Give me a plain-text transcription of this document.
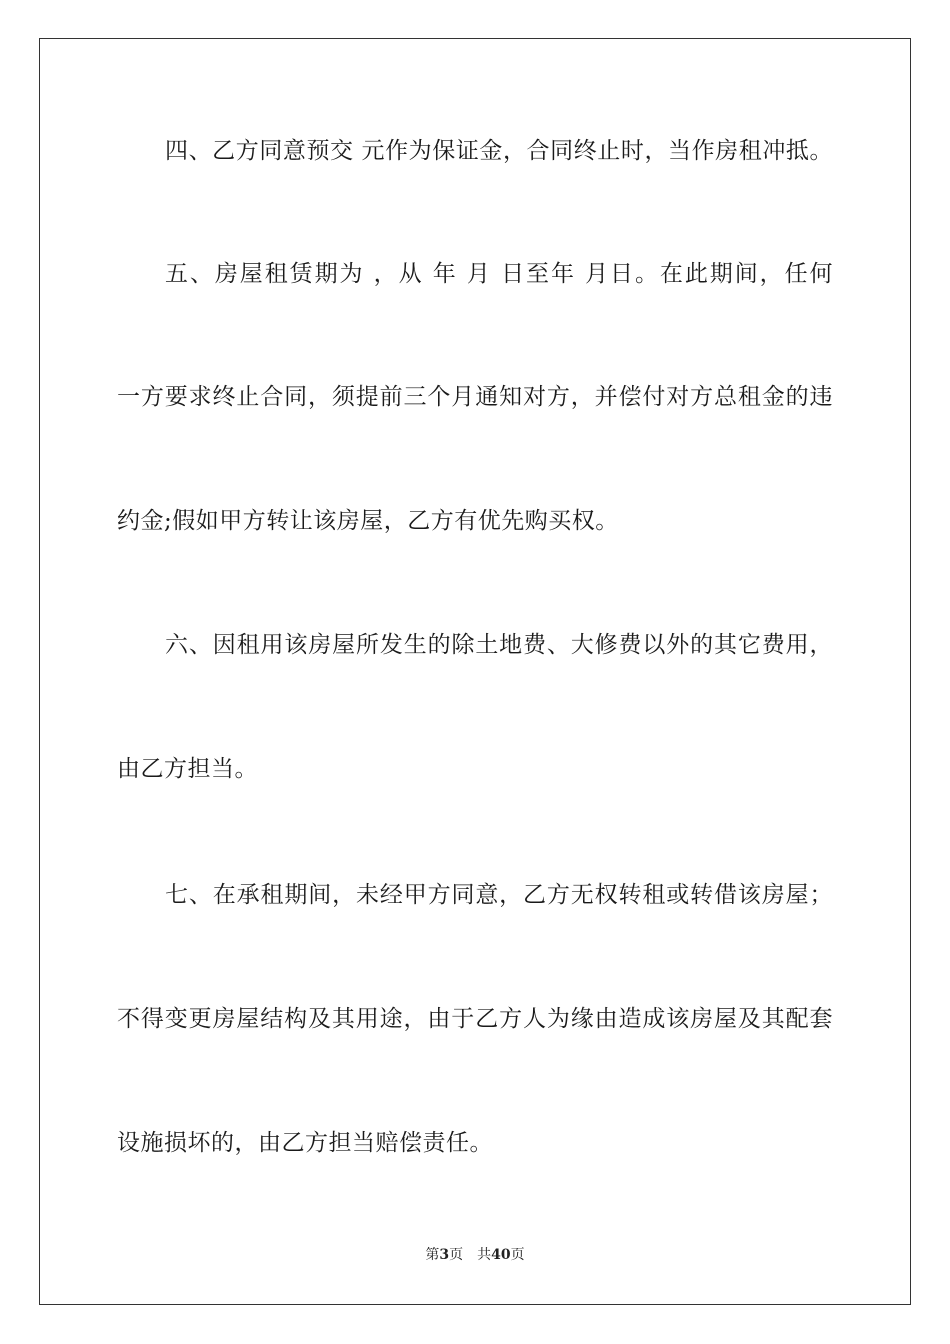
四、乙方同意预交 元作为保证金，合同终止时，当作房租冲抵。
五、房屋租赁期为 ，从 年 月 日至年 月日。在此期间，任何
一方要求终止合同，须提前三个月通知对方，并偿付对方总租金的违
约金;假如甲方转让该房屋，乙方有优先购买权。
六、因租用该房屋所发生的除土地费、大修费以外的其它费用，
由乙方担当。
七、在承租期间，未经甲方同意，乙方无权转租或转借该房屋；
不得变更房屋结构及其用途，由于乙方人为缘由造成该房屋及其配套
设施损坏的，由乙方担当赔偿责任。
第3页 共40页
